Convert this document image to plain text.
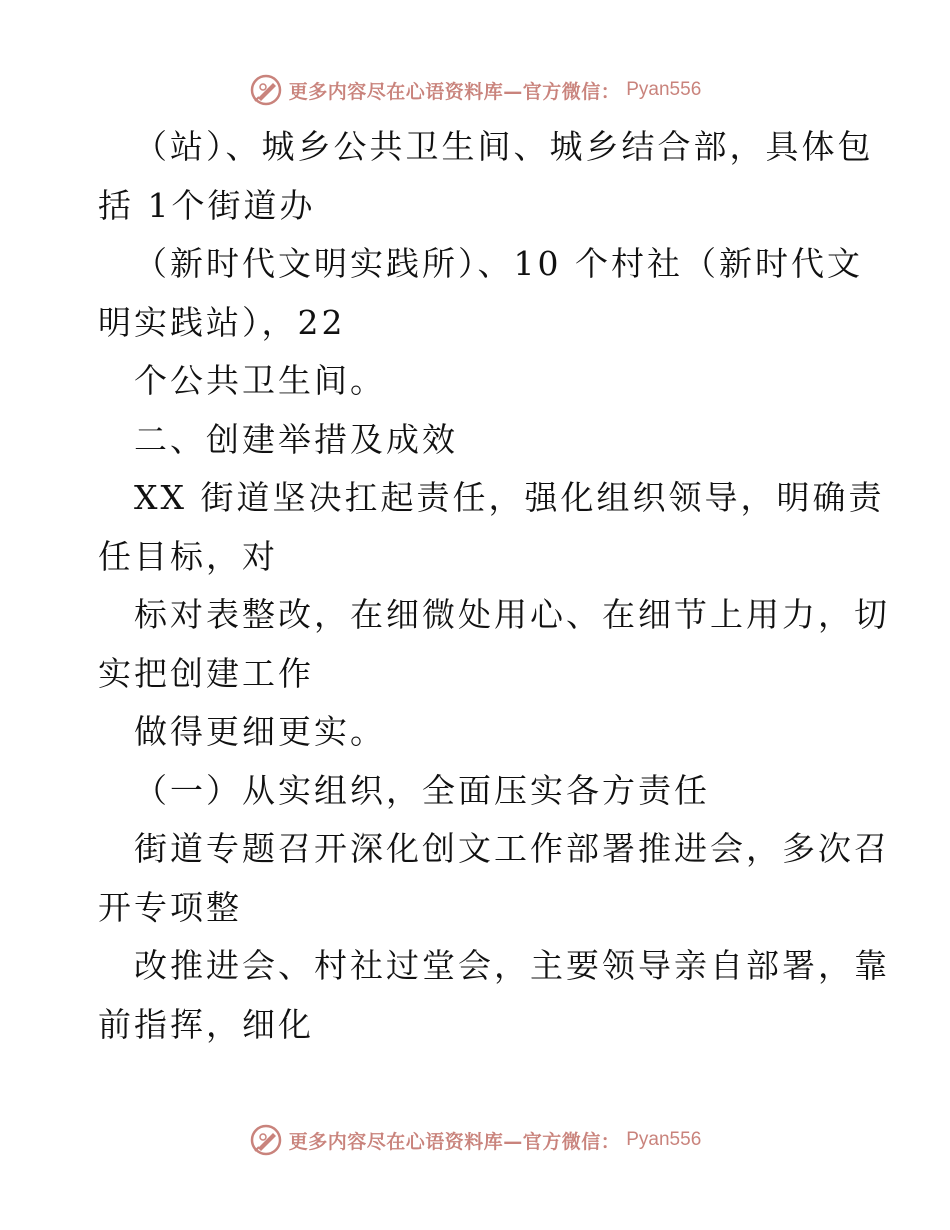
更多内容尽在心语资料库—官方微信： Pyan556
（站）、城乡公共卫生间、城乡结合部，具体包
括 1个街道办
（新时代文明实践所）、10 个村社（新时代文
明实践站），22
个公共卫生间。
二、创建举措及成效
XX 街道坚决扛起责任，强化组织领导，明确责
任目标，对
标对表整改，在细微处用心、在细节上用力，切
实把创建工作
做得更细更实。
（一）从实组织，全面压实各方责任
街道专题召开深化创文工作部署推进会，多次召
开专项整
改推进会、村社过堂会，主要领导亲自部署，靠
前指挥，细化
更多内容尽在心语资料库—官方微信： Pyan556
